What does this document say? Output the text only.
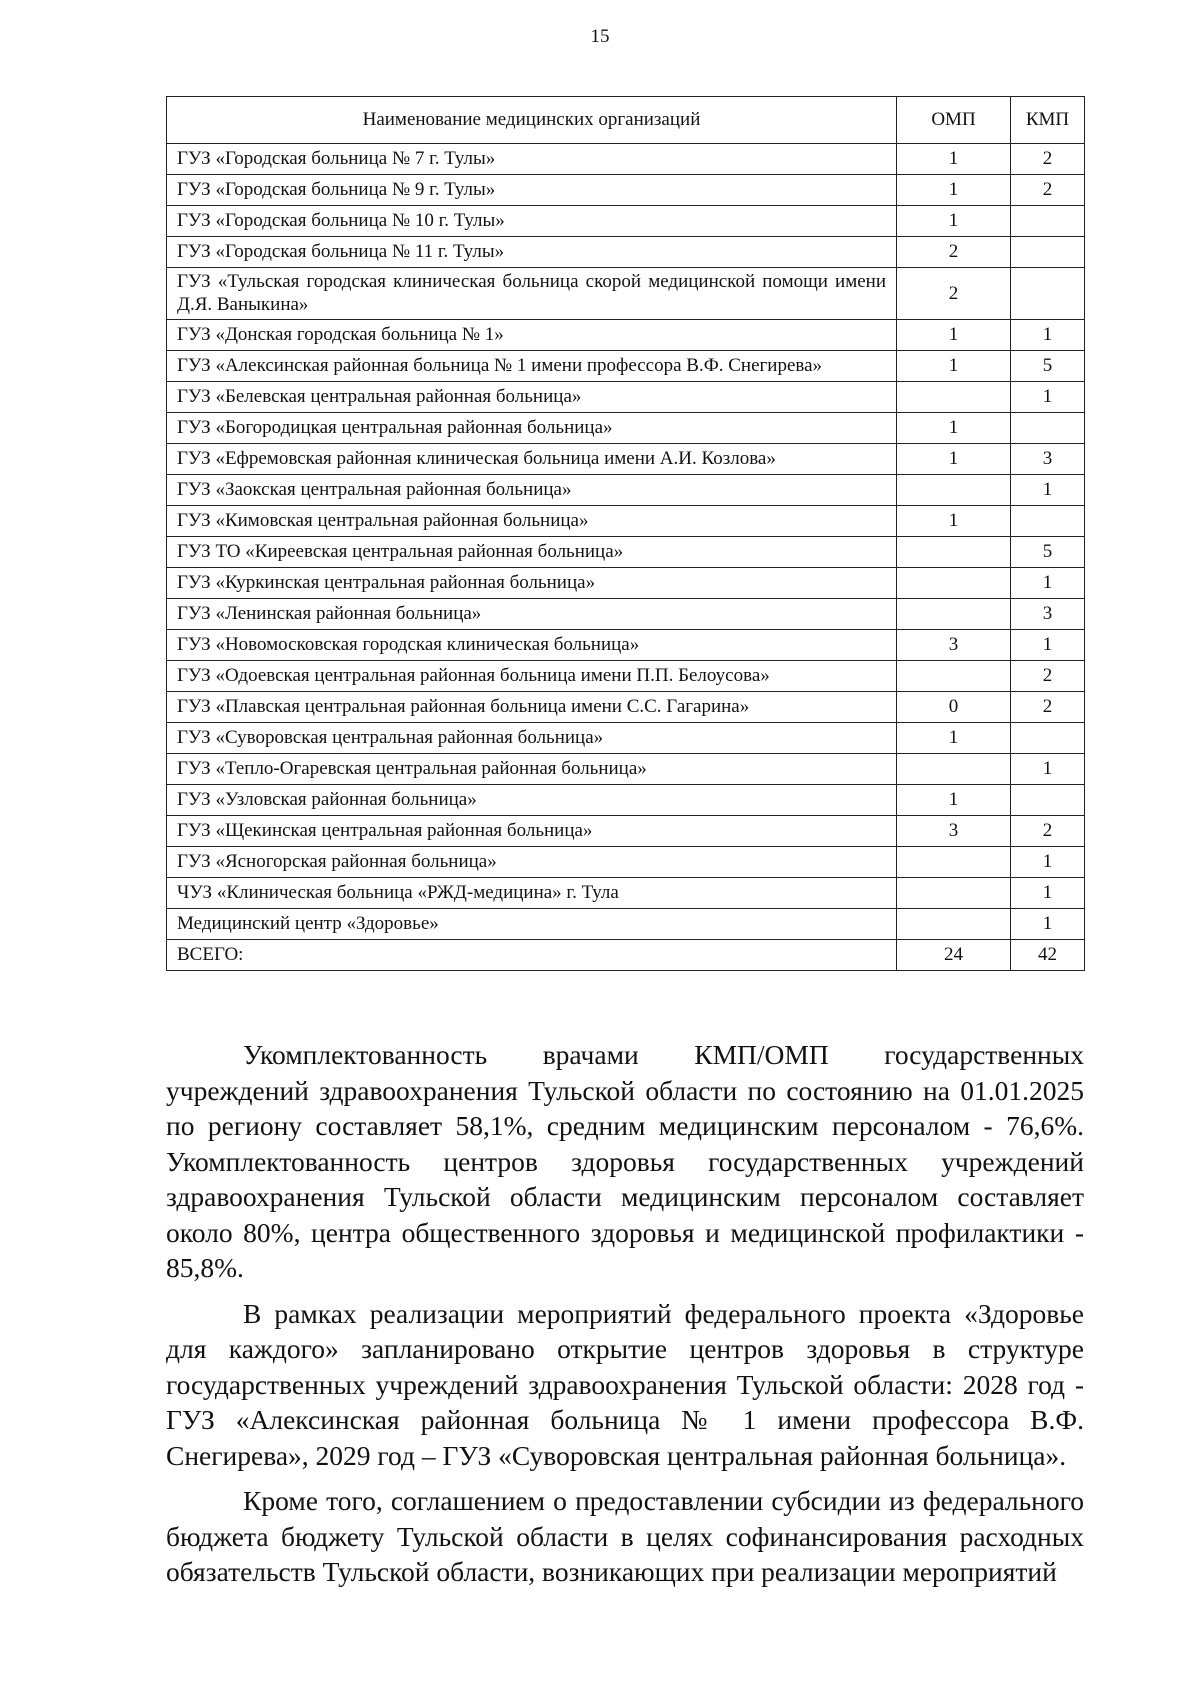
15
Наименование медицинских организаций	ОМП	КМП
ГУЗ «Городская больница № 7 г. Тулы»	1	2
ГУЗ «Городская больница № 9 г. Тулы»	1	2
ГУЗ «Городская больница № 10 г. Тулы»	1	
ГУЗ «Городская больница № 11 г. Тулы»	2	
ГУЗ «Тульская городская клиническая больница скорой медицинской помощи имени Д.Я. Ваныкина»	2	
ГУЗ «Донская городская больница № 1»	1	1
ГУЗ «Алексинская районная больница № 1 имени профессора В.Ф. Снегирева»	1	5
ГУЗ «Белевская центральная районная больница»		1
ГУЗ «Богородицкая центральная районная больница»	1	
ГУЗ «Ефремовская районная клиническая больница имени А.И. Козлова»	1	3
ГУЗ «Заокская центральная районная больница»		1
ГУЗ «Кимовская центральная районная больница»	1	
ГУЗ ТО «Киреевская центральная районная больница»		5
ГУЗ «Куркинская центральная районная больница»		1
ГУЗ «Ленинская районная больница»		3
ГУЗ «Новомосковская городская клиническая больница»	3	1
ГУЗ «Одоевская центральная районная больница имени П.П. Белоусова»		2
ГУЗ «Плавская центральная районная больница имени С.С. Гагарина»	0	2
ГУЗ «Суворовская центральная районная больница»	1	
ГУЗ «Тепло-Огаревская центральная районная больница»		1
ГУЗ «Узловская районная больница»	1	
ГУЗ «Щекинская центральная районная больница»	3	2
ГУЗ «Ясногорская районная больница»		1
ЧУЗ «Клиническая больница «РЖД-медицина» г. Тула		1
Медицинский центр «Здоровье»		1
ВСЕГО:	24	42

Укомплектованность врачами КМП/ОМП государственных учреждений здравоохранения Тульской области по состоянию на 01.01.2025 по региону составляет 58,1%, средним медицинским персоналом - 76,6%. Укомплектованность центров здоровья государственных учреждений здравоохранения Тульской области медицинским персоналом составляет около 80%, центра общественного здоровья и медицинской профилактики - 85,8%.

В рамках реализации мероприятий федерального проекта «Здоровье для каждого» запланировано открытие центров здоровья в структуре государственных учреждений здравоохранения Тульской области: 2028 год - ГУЗ «Алексинская районная больница № 1 имени профессора В.Ф. Снегирева», 2029 год – ГУЗ «Суворовская центральная районная больница».

Кроме того, соглашением о предоставлении субсидии из федерального бюджета бюджету Тульской области в целях софинансирования расходных обязательств Тульской области, возникающих при реализации мероприятий
